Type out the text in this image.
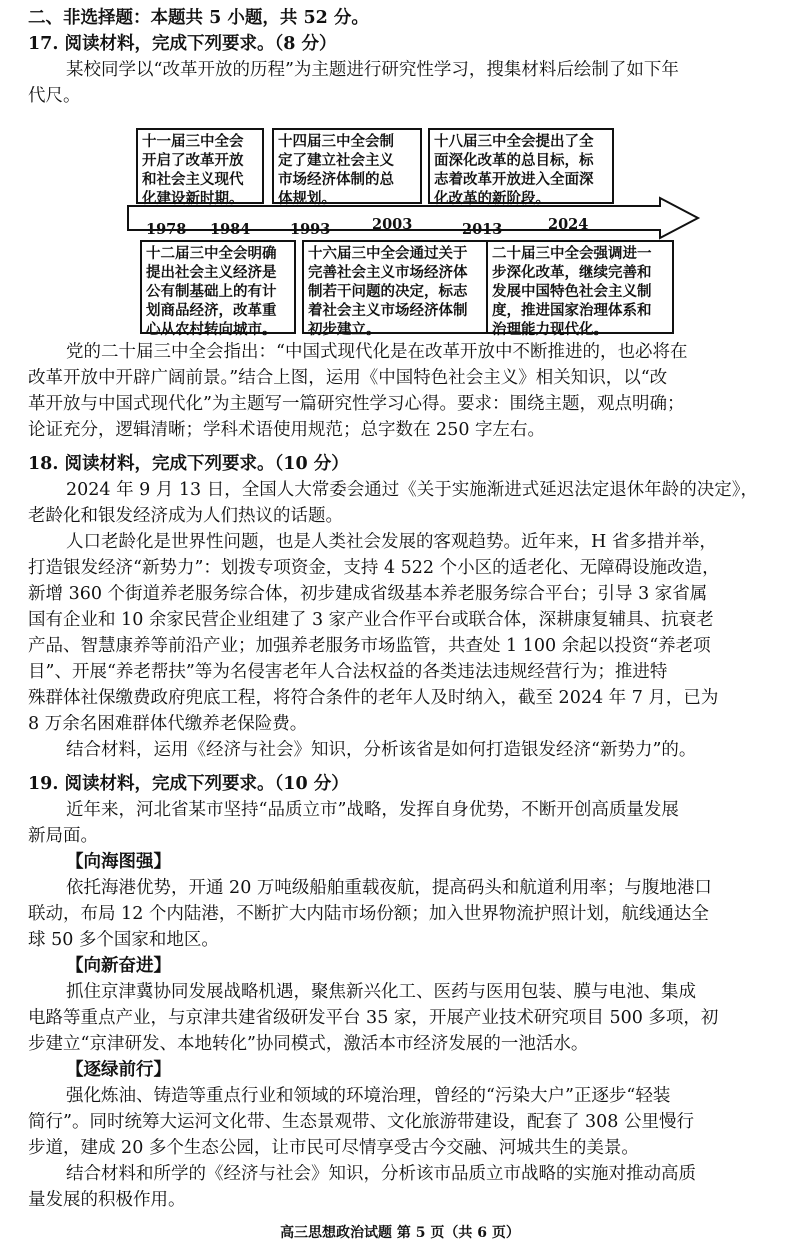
二、非选择题：本题共 5 小题，共 52 分。
17. 阅读材料，完成下列要求。（8 分）
某校同学以“改革开放的历程”为主题进行研究性学习，搜集材料后绘制了如下年
代尺。
1978 1984	1993	2003	2013	2024
十一届三中全会
开启了改革开放
和社会主义现代
化建设新时期。
十四届三中全会制
定了建立社会主义
市场经济体制的总
体规划。
十八届三中全会提出了全
面深化改革的总目标，标
志着改革开放进入全面深
化改革的新阶段。
十二届三中全会明确
提出社会主义经济是
公有制基础上的有计
划商品经济，改革重
心从农村转向城市。
十六届三中全会通过关于
完善社会主义市场经济体
制若干问题的决定，标志
着社会主义市场经济体制
初步建立。
二十届三中全会强调进一
步深化改革，继续完善和
发展中国特色社会主义制
度，推进国家治理体系和
治理能力现代化。
党的二十届三中全会指出：“中国式现代化是在改革开放中不断推进的，也必将在
改革开放中开辟广阔前景。”结合上图，运用《中国特色社会主义》相关知识，以“改
革开放与中国式现代化”为主题写一篇研究性学习心得。要求：围绕主题，观点明确；
论证充分，逻辑清晰；学科术语使用规范；总字数在 250 字左右。
18. 阅读材料，完成下列要求。（10 分）
2024 年 9 月 13 日，全国人大常委会通过《关于实施渐进式延迟法定退休年龄的决定》，
老龄化和银发经济成为人们热议的话题。
人口老龄化是世界性问题，也是人类社会发展的客观趋势。近年来，H 省多措并举，
打造银发经济“新势力”：划拨专项资金，支持 4 522 个小区的适老化、无障碍设施改造，
新增 360 个街道养老服务综合体，初步建成省级基本养老服务综合平台；引导 3 家省属
国有企业和 10 余家民营企业组建了 3 家产业合作平台或联合体，深耕康复辅具、抗衰老
产品、智慧康养等前沿产业；加强养老服务市场监管，共查处 1 100 余起以投资“养老项
目”、开展“养老帮扶”等为名侵害老年人合法权益的各类违法违规经营行为；推进特
殊群体社保缴费政府兜底工程，将符合条件的老年人及时纳入，截至 2024 年 7 月，已为
8 万余名困难群体代缴养老保险费。
结合材料，运用《经济与社会》知识，分析该省是如何打造银发经济“新势力”的。
19. 阅读材料，完成下列要求。（10 分）
近年来，河北省某市坚持“品质立市”战略，发挥自身优势，不断开创高质量发展
新局面。
【向海图强】
依托海港优势，开通 20 万吨级船舶重载夜航，提高码头和航道利用率；与腹地港口
联动，布局 12 个内陆港，不断扩大内陆市场份额；加入世界物流护照计划，航线通达全
球 50 多个国家和地区。
【向新奋进】
抓住京津冀协同发展战略机遇，聚焦新兴化工、医药与医用包装、膜与电池、集成
电路等重点产业，与京津共建省级研发平台 35 家，开展产业技术研究项目 500 多项，初
步建立“京津研发、本地转化”协同模式，激活本市经济发展的一池活水。
【逐绿前行】
强化炼油、铸造等重点行业和领域的环境治理，曾经的“污染大户”正逐步“轻装
简行”。同时统筹大运河文化带、生态景观带、文化旅游带建设，配套了 308 公里慢行
步道，建成 20 多个生态公园，让市民可尽情享受古今交融、河城共生的美景。
结合材料和所学的《经济与社会》知识，分析该市品质立市战略的实施对推动高质
量发展的积极作用。
高三思想政治试题 第 5 页（共 6 页）
